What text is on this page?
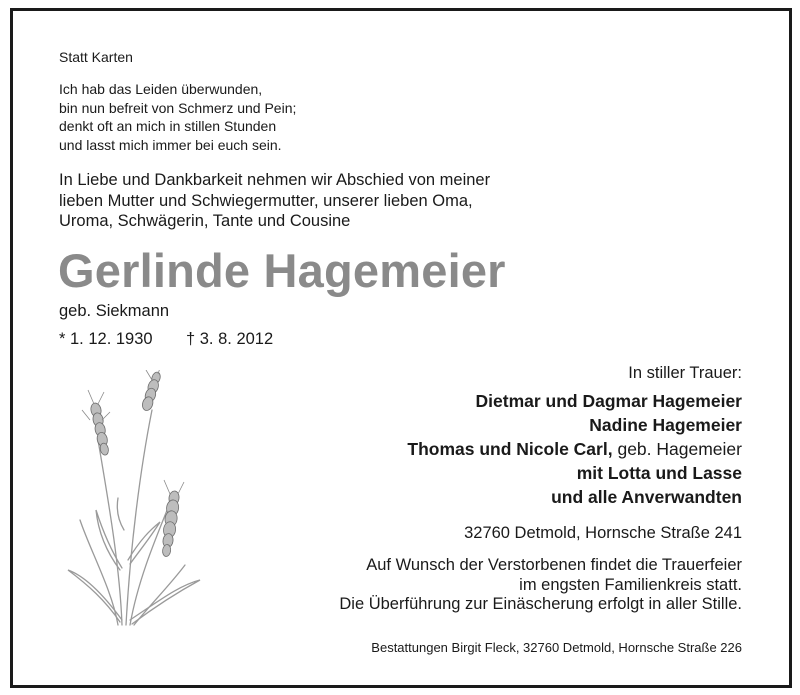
Statt Karten
Ich hab das Leiden überwunden,
bin nun befreit von Schmerz und Pein;
denkt oft an mich in stillen Stunden
und lasst mich immer bei euch sein.
In Liebe und Dankbarkeit nehmen wir Abschied von meiner
lieben Mutter und Schwiegermutter, unserer lieben Oma,
Uroma, Schwägerin, Tante und Cousine
Gerlinde Hagemeier
geb. Siekmann
* 1. 12. 1930 † 3. 8. 2012
In stiller Trauer:
Dietmar und Dagmar Hagemeier
Nadine Hagemeier
Thomas und Nicole Carl, geb. Hagemeier
mit Lotta und Lasse
und alle Anverwandten
32760 Detmold, Hornsche Straße 241
Auf Wunsch der Verstorbenen findet die Trauerfeier
im engsten Familienkreis statt.
Die Überführung zur Einäscherung erfolgt in aller Stille.
Bestattungen Birgit Fleck, 32760 Detmold, Hornsche Straße 226
